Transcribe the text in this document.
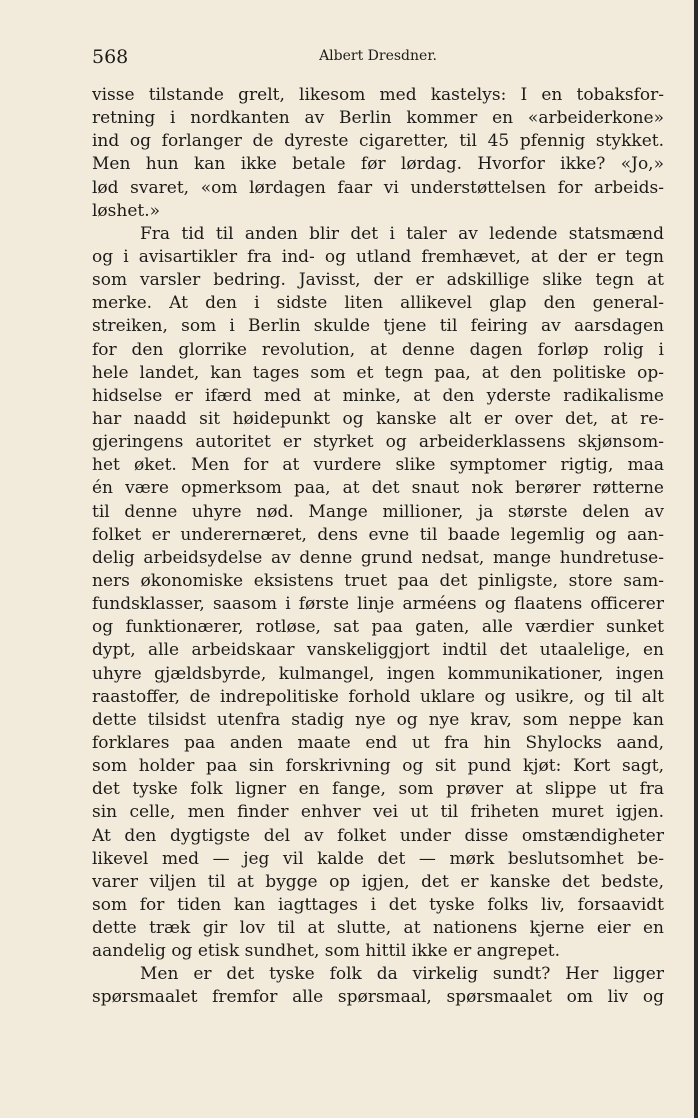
568	Albert Dresdner.
visse tilstande grelt, likesom med kastelys: I en tobaksfor-
retning i nordkanten av Berlin kommer en «arbeiderkone»
ind og forlanger de dyreste cigaretter, til 45 pfennig stykket.
Men hun kan ikke betale før lørdag. Hvorfor ikke? «Jo,»
lød svaret, «om lørdagen faar vi understøttelsen for arbeids-
løshet.»
Fra tid til anden blir det i taler av ledende statsmænd
og i avisartikler fra ind- og utland fremhævet, at der er tegn
som varsler bedring. Javisst, der er adskillige slike tegn at
merke. At den i sidste liten allikevel glap den general-
streiken, som i Berlin skulde tjene til feiring av aarsdagen
for den glorrike revolution, at denne dagen forløp rolig i
hele landet, kan tages som et tegn paa, at den politiske op-
hidselse er ifærd med at minke, at den yderste radikalisme
har naadd sit høidepunkt og kanske alt er over det, at re-
gjeringens autoritet er styrket og arbeiderklassens skjønsom-
het øket. Men for at vurdere slike symptomer rigtig, maa
én være opmerksom paa, at det snaut nok berører røtterne
til denne uhyre nød. Mange millioner, ja største delen av
folket er underernæret, dens evne til baade legemlig og aan-
delig arbeidsydelse av denne grund nedsat, mange hundretuse-
ners økonomiske eksistens truet paa det pinligste, store sam-
fundsklasser, saasom i første linje arméens og flaatens officerer
og funktionærer, rotløse, sat paa gaten, alle værdier sunket
dypt, alle arbeidskaar vanskeliggjort indtil det utaalelige, en
uhyre gjældsbyrde, kulmangel, ingen kommunikationer, ingen
raastoffer, de indrepolitiske forhold uklare og usikre, og til alt
dette tilsidst utenfra stadig nye og nye krav, som neppe kan
forklares paa anden maate end ut fra hin Shylocks aand,
som holder paa sin forskrivning og sit pund kjøt: Kort sagt,
det tyske folk ligner en fange, som prøver at slippe ut fra
sin celle, men finder enhver vei ut til friheten muret igjen.
At den dygtigste del av folket under disse omstændigheter
likevel med — jeg vil kalde det — mørk beslutsomhet be-
varer viljen til at bygge op igjen, det er kanske det bedste,
som for tiden kan iagttages i det tyske folks liv, forsaavidt
dette træk gir lov til at slutte, at nationens kjerne eier en
aandelig og etisk sundhet, som hittil ikke er angrepet.
Men er det tyske folk da virkelig sundt? Her ligger
spørsmaalet fremfor alle spørsmaal, spørsmaalet om liv og
